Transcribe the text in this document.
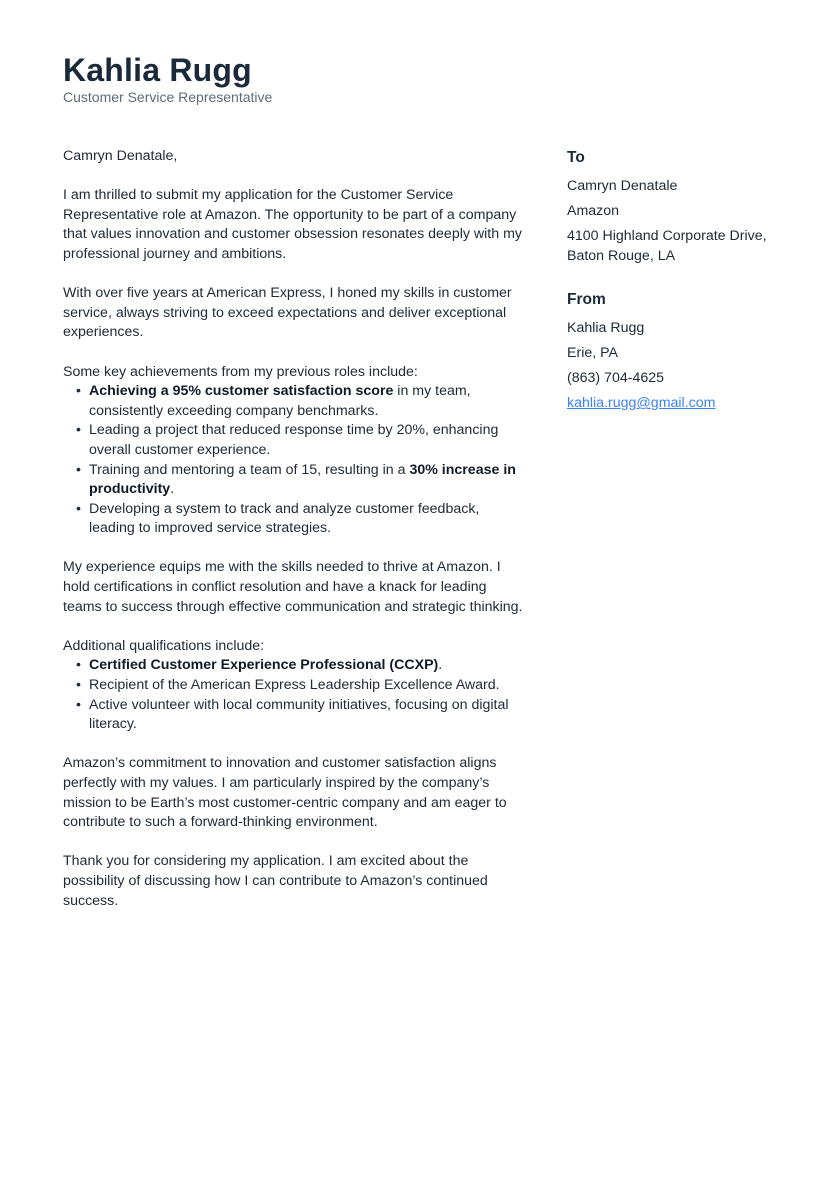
Kahlia Rugg
Customer Service Representative

Camryn Denatale,

I am thrilled to submit my application for the Customer Service Representative role at Amazon. The opportunity to be part of a company that values innovation and customer obsession resonates deeply with my professional journey and ambitions.

With over five years at American Express, I honed my skills in customer service, always striving to exceed expectations and deliver exceptional experiences.

Some key achievements from my previous roles include:

• Achieving a 95% customer satisfaction score in my team, consistently exceeding company benchmarks.
• Leading a project that reduced response time by 20%, enhancing overall customer experience.
• Training and mentoring a team of 15, resulting in a 30% increase in productivity.
• Developing a system to track and analyze customer feedback, leading to improved service strategies.

My experience equips me with the skills needed to thrive at Amazon. I hold certifications in conflict resolution and have a knack for leading teams to success through effective communication and strategic thinking.

Additional qualifications include:

• Certified Customer Experience Professional (CCXP).
• Recipient of the American Express Leadership Excellence Award.
• Active volunteer with local community initiatives, focusing on digital literacy.

Amazon’s commitment to innovation and customer satisfaction aligns perfectly with my values. I am particularly inspired by the company’s mission to be Earth’s most customer-centric company and am eager to contribute to such a forward-thinking environment.

Thank you for considering my application. I am excited about the possibility of discussing how I can contribute to Amazon’s continued success.

To
Camryn Denatale
Amazon
4100 Highland Corporate Drive, Baton Rouge, LA
From
Kahlia Rugg
Erie, PA
(863) 704-4625
kahlia.rugg@gmail.com
